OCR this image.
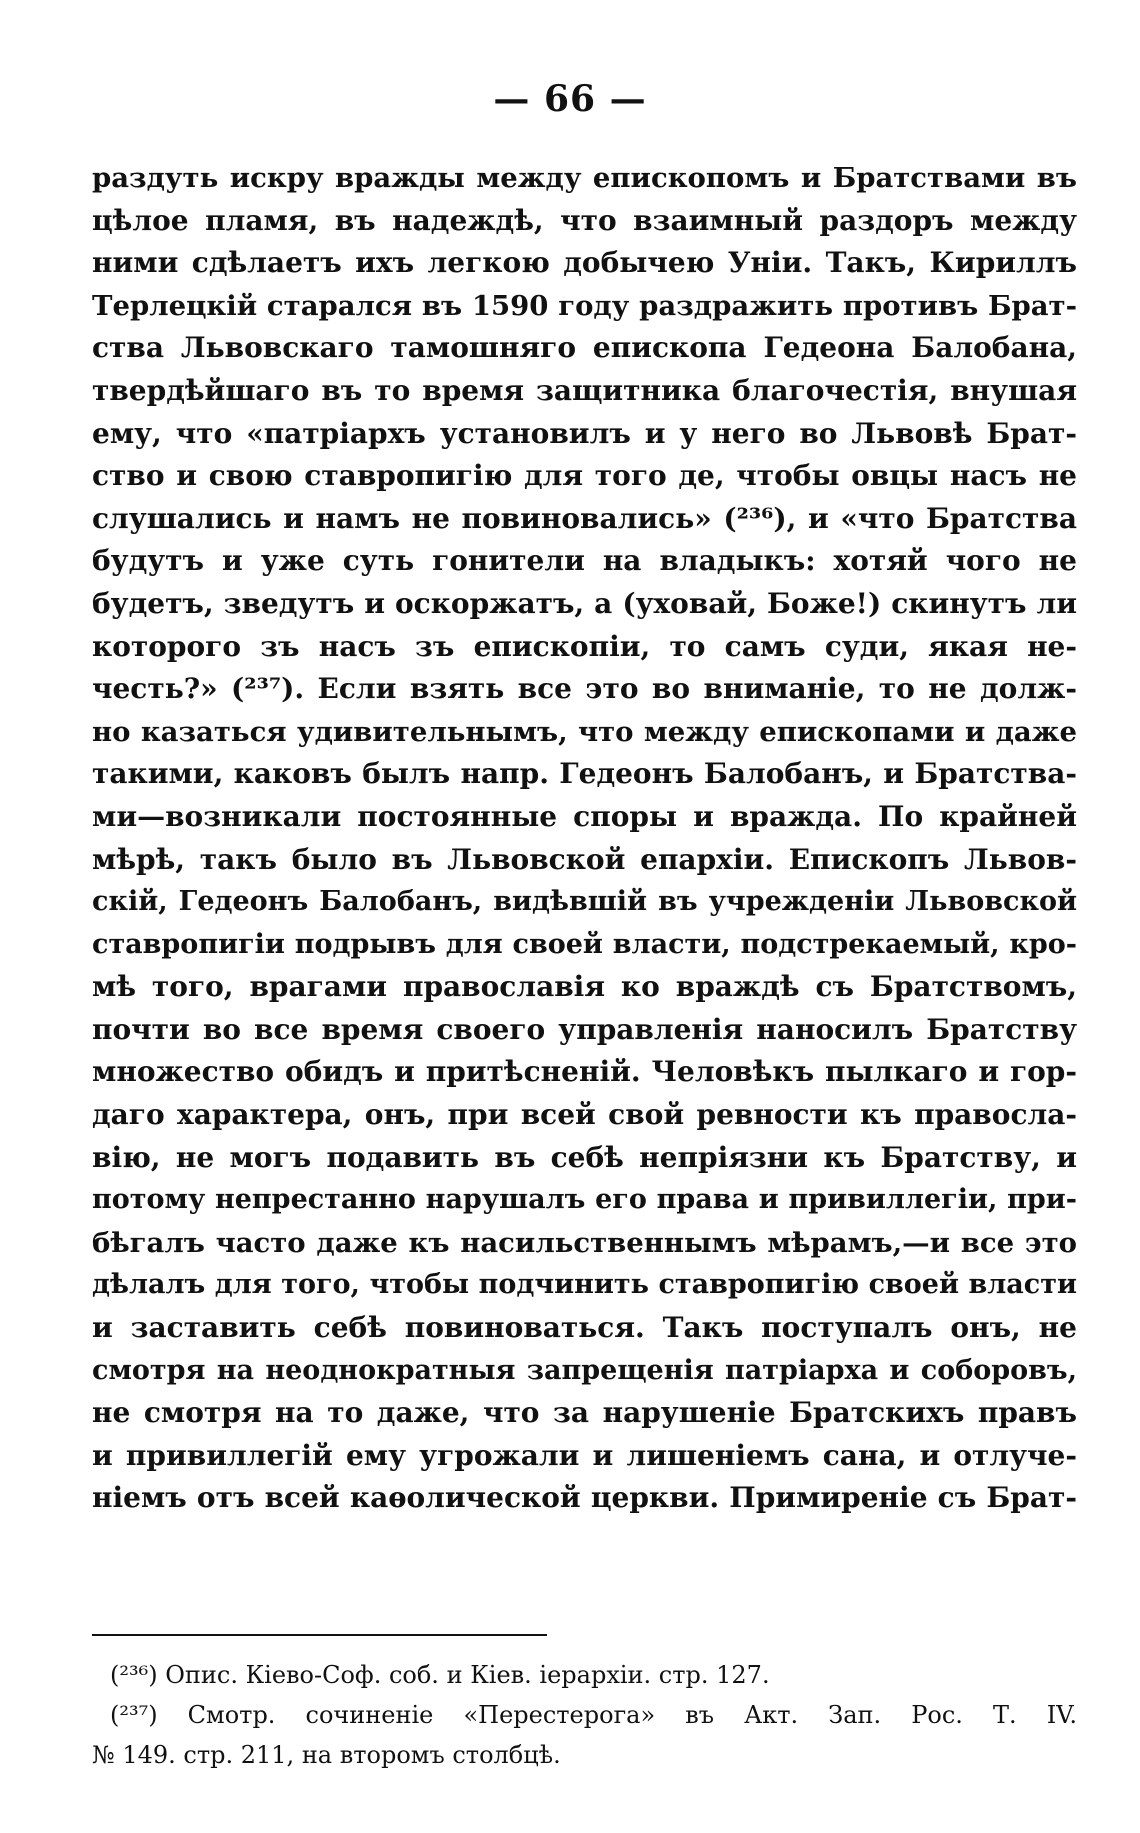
— 66 —
раздуть искру вражды между епископомъ и Братствами въ
цѣлое пламя, въ надеждѣ, что взаимный раздоръ между
ними сдѣлаетъ ихъ легкою добычею Уніи. Такъ, Кириллъ
Терлецкій старался въ 1590 году раздражить противъ Брат-
ства Львовскаго тамошняго епископа Гедеона Балобана,
твердѣйшаго въ то время защитника благочестія, внушая
ему, что «патріархъ установилъ и у него во Львовѣ Брат-
ство и свою ставропигію для того де, чтобы овцы насъ не
слушались и намъ не повиновались» (²³⁶), и «что Братства
будутъ и уже суть гонители на владыкъ: хотяй чого не
будетъ, зведутъ и оскоржатъ, а (уховай, Боже!) скинутъ ли
которого зъ насъ зъ епископіи, то самъ суди, якая не-
честь?» (²³⁷). Если взять все это во вниманіе, то не долж-
но казаться удивительнымъ, что между епископами и даже
такими, каковъ былъ напр. Гедеонъ Балобанъ, и Братства-
ми—возникали постоянные споры и вражда. По крайней
мѣрѣ, такъ было въ Львовской епархіи. Епископъ Львов-
скій, Гедеонъ Балобанъ, видѣвшій въ учрежденіи Львовской
ставропигіи подрывъ для своей власти, подстрекаемый, кро-
мѣ того, врагами православія ко враждѣ съ Братствомъ,
почти во все время своего управленія наносилъ Братству
множество обидъ и притѣсненій. Человѣкъ пылкаго и гор-
даго характера, онъ, при всей свой ревности къ правосла-
вію, не могъ подавить въ себѣ непріязни къ Братству, и
потому непрестанно нарушалъ его права и привиллегіи, при-
бѣгалъ часто даже къ насильственнымъ мѣрамъ,—и все это
дѣлалъ для того, чтобы подчинить ставропигію своей власти
и заставить себѣ повиноваться. Такъ поступалъ онъ, не
смотря на неоднократныя запрещенія патріарха и соборовъ,
не смотря на то даже, что за нарушеніе Братскихъ правъ
и привиллегій ему угрожали и лишеніемъ сана, и отлуче-
ніемъ отъ всей каѳолической церкви. Примиреніе съ Брат-
(²³⁶) Опис. Кіево-Соф. соб. и Кіев. іерархіи. стр. 127.
(²³⁷) Смотр. сочиненіе «Перестерога» въ Акт. Зап. Рос. Т. IV.
№ 149. стр. 211, на второмъ столбцѣ.
